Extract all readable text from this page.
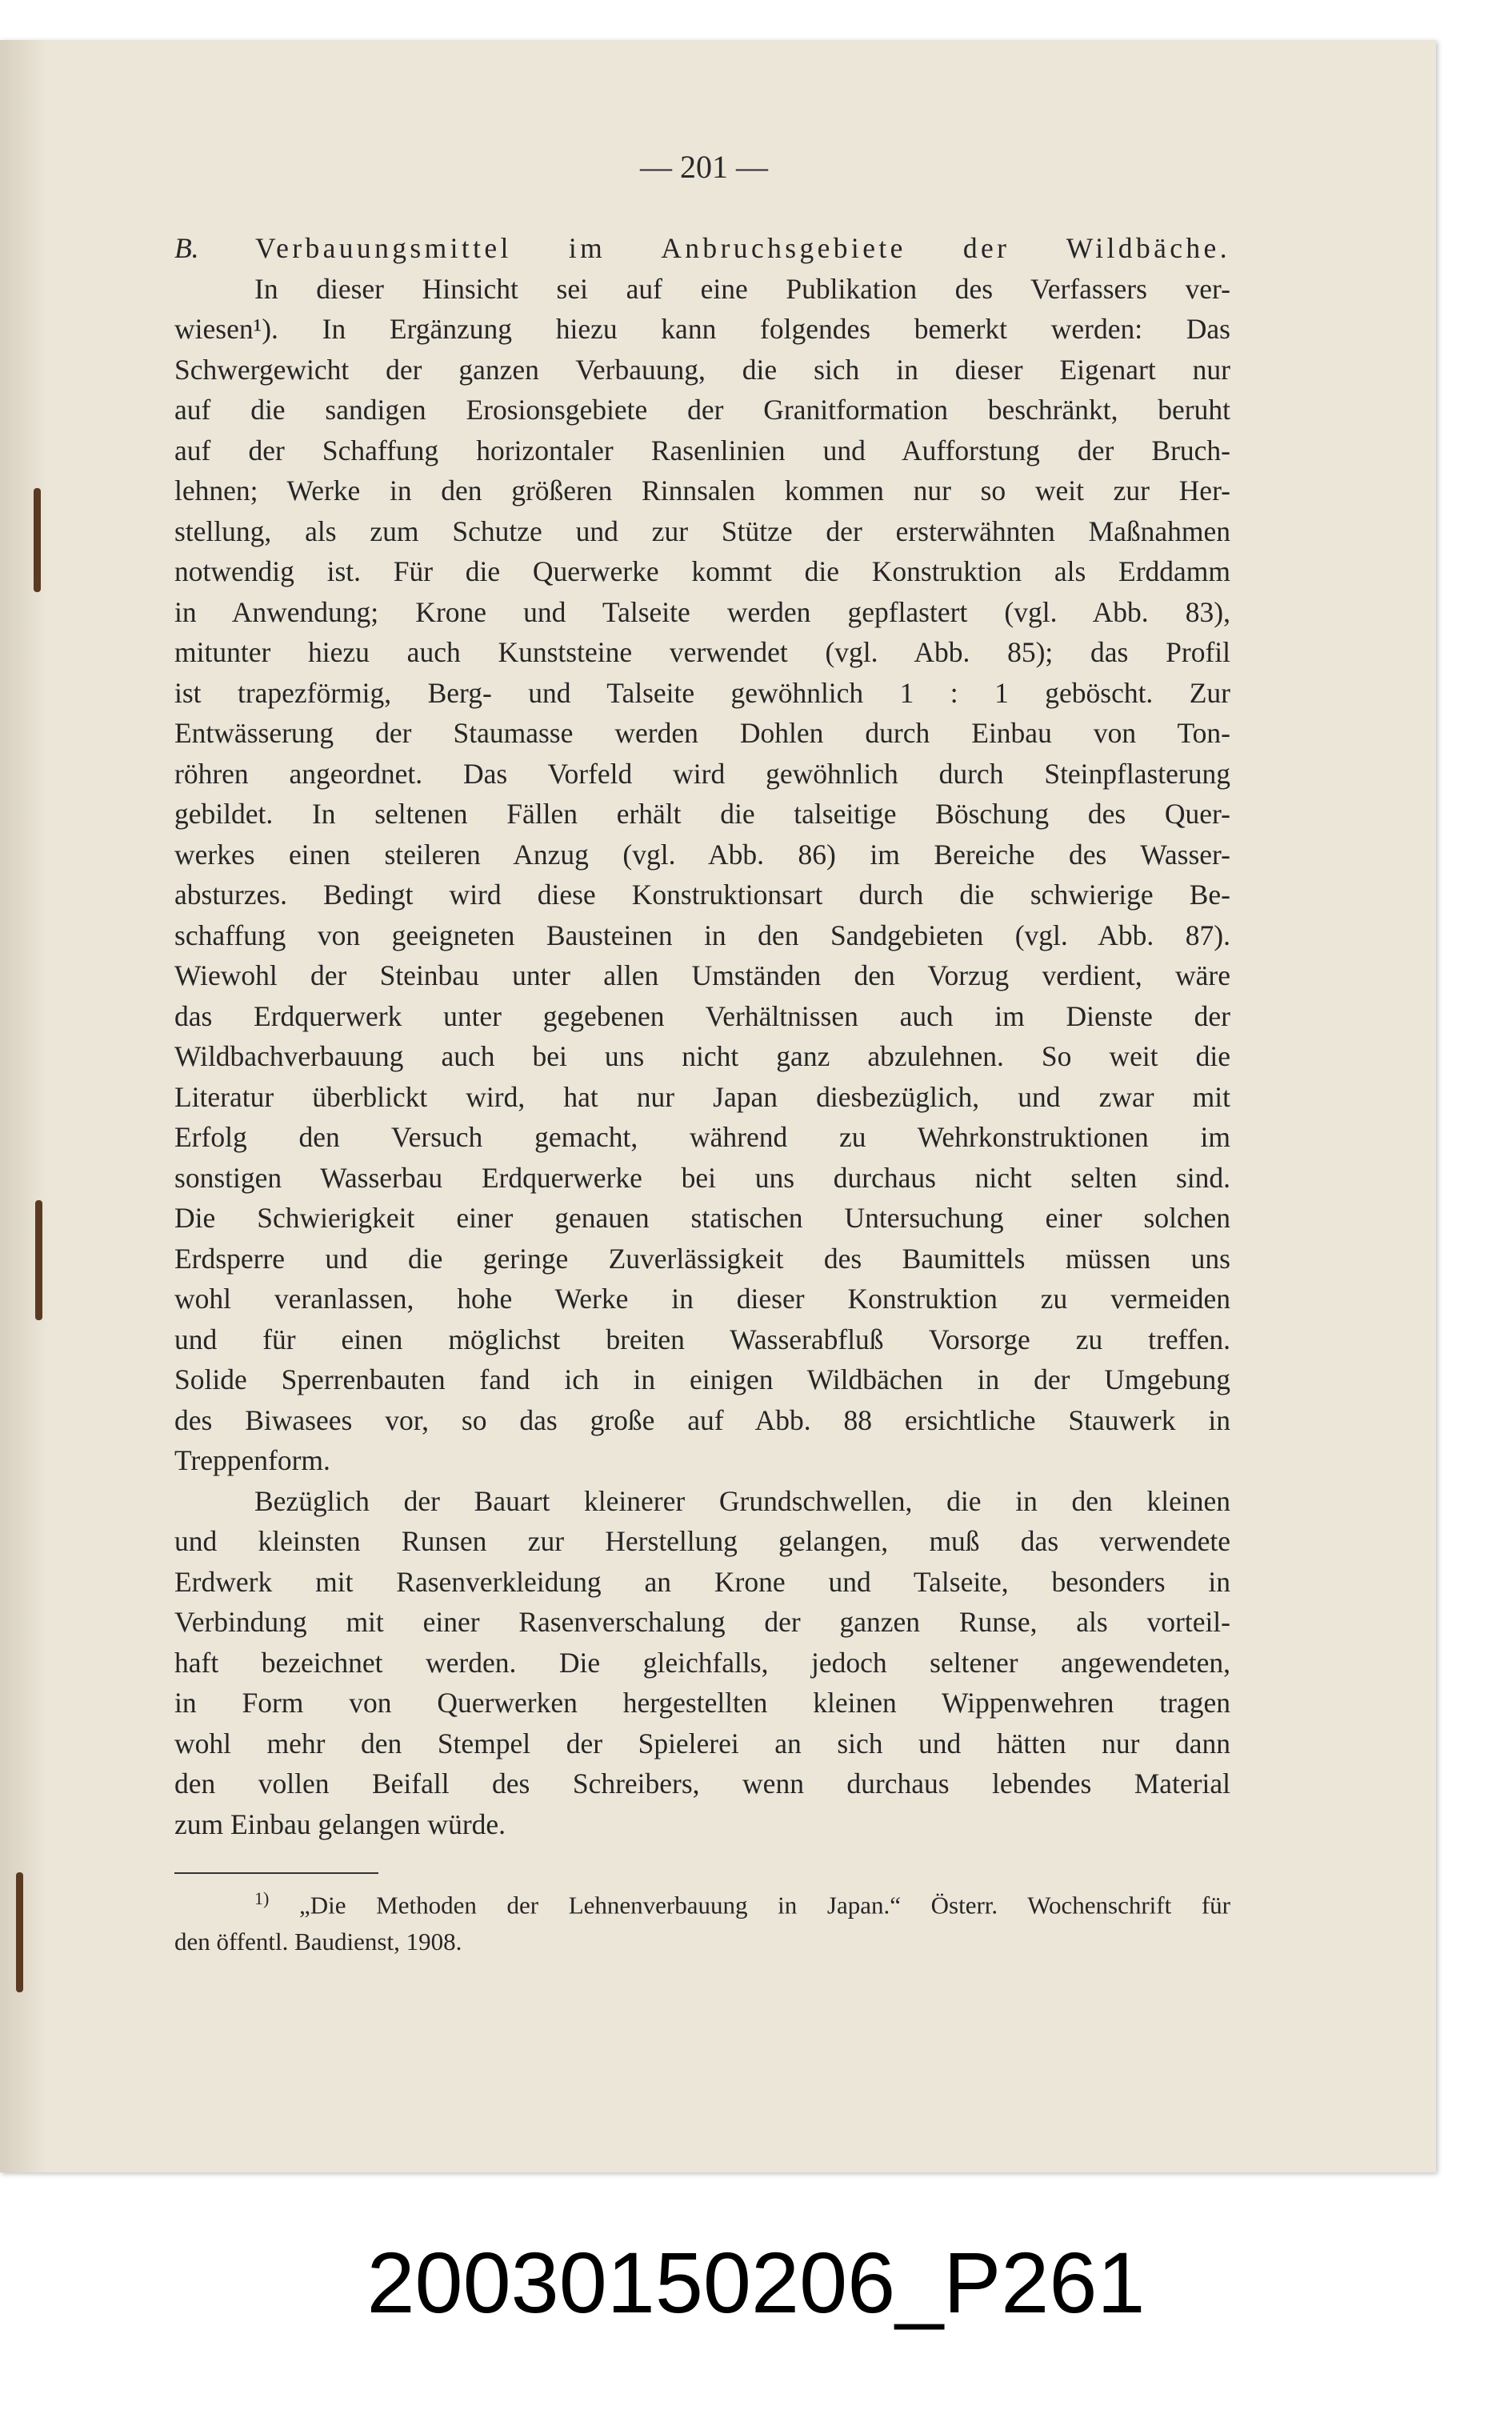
— 201 —
B. Verbauungsmittel im Anbruchsgebiete der Wildbäche.
In dieser Hinsicht sei auf eine Publikation des Verfassers ver-
wiesen¹). In Ergänzung hiezu kann folgendes bemerkt werden: Das
Schwergewicht der ganzen Verbauung, die sich in dieser Eigenart nur
auf die sandigen Erosionsgebiete der Granitformation beschränkt, beruht
auf der Schaffung horizontaler Rasenlinien und Aufforstung der Bruch-
lehnen; Werke in den größeren Rinnsalen kommen nur so weit zur Her-
stellung, als zum Schutze und zur Stütze der ersterwähnten Maßnahmen
notwendig ist. Für die Querwerke kommt die Konstruktion als Erddamm
in Anwendung; Krone und Talseite werden gepflastert (vgl. Abb. 83),
mitunter hiezu auch Kunststeine verwendet (vgl. Abb. 85); das Profil
ist trapezförmig, Berg- und Talseite gewöhnlich 1 : 1 geböscht. Zur
Entwässerung der Staumasse werden Dohlen durch Einbau von Ton-
röhren angeordnet. Das Vorfeld wird gewöhnlich durch Steinpflasterung
gebildet. In seltenen Fällen erhält die talseitige Böschung des Quer-
werkes einen steileren Anzug (vgl. Abb. 86) im Bereiche des Wasser-
absturzes. Bedingt wird diese Konstruktionsart durch die schwierige Be-
schaffung von geeigneten Bausteinen in den Sandgebieten (vgl. Abb. 87).
Wiewohl der Steinbau unter allen Umständen den Vorzug verdient, wäre
das Erdquerwerk unter gegebenen Verhältnissen auch im Dienste der
Wildbachverbauung auch bei uns nicht ganz abzulehnen. So weit die
Literatur überblickt wird, hat nur Japan diesbezüglich, und zwar mit
Erfolg den Versuch gemacht, während zu Wehrkonstruktionen im
sonstigen Wasserbau Erdquerwerke bei uns durchaus nicht selten sind.
Die Schwierigkeit einer genauen statischen Untersuchung einer solchen
Erdsperre und die geringe Zuverlässigkeit des Baumittels müssen uns
wohl veranlassen, hohe Werke in dieser Konstruktion zu vermeiden
und für einen möglichst breiten Wasserabfluß Vorsorge zu treffen.
Solide Sperrenbauten fand ich in einigen Wildbächen in der Umgebung
des Biwasees vor, so das große auf Abb. 88 ersichtliche Stauwerk in
Treppenform.
Bezüglich der Bauart kleinerer Grundschwellen, die in den kleinen
und kleinsten Runsen zur Herstellung gelangen, muß das verwendete
Erdwerk mit Rasenverkleidung an Krone und Talseite, besonders in
Verbindung mit einer Rasenverschalung der ganzen Runse, als vorteil-
haft bezeichnet werden. Die gleichfalls, jedoch seltener angewendeten,
in Form von Querwerken hergestellten kleinen Wippenwehren tragen
wohl mehr den Stempel der Spielerei an sich und hätten nur dann
den vollen Beifall des Schreibers, wenn durchaus lebendes Material
zum Einbau gelangen würde.
$^{1)}$ „Die Methoden der Lehnenverbauung in Japan.“ Österr. Wochenschrift für
den öffentl. Baudienst, 1908.
20030150206_P261
